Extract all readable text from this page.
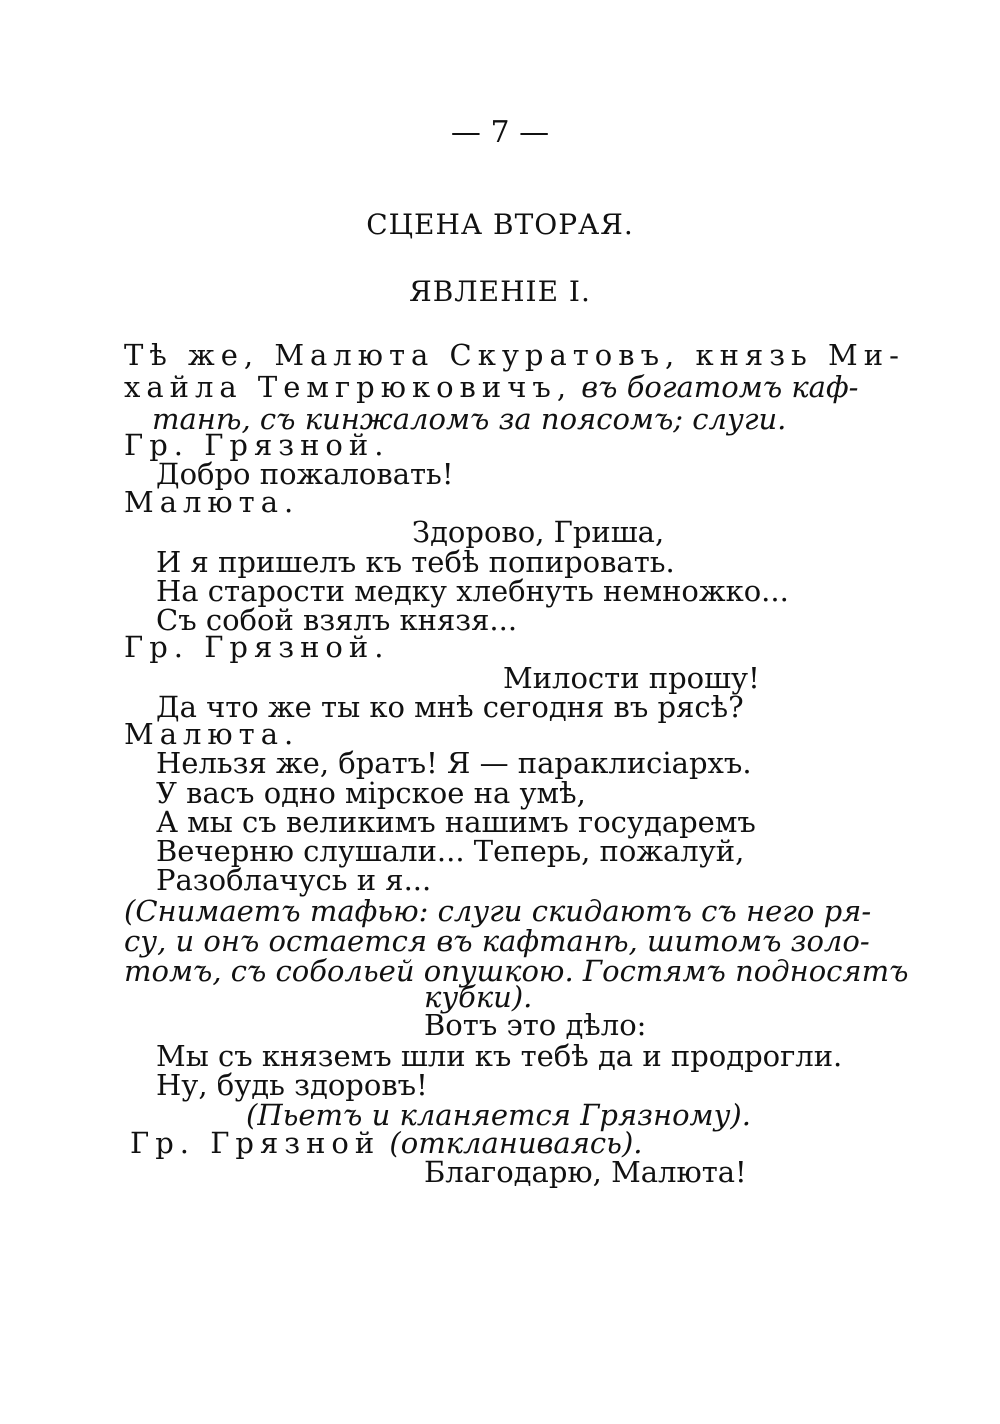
— 7 —
СЦЕНА ВТОРАЯ.
ЯВЛЕНІЕ I.
Тѣ же, Малюта Скуратовъ, князь Ми-
хайла Темгрюковичъ, въ богатомъ каф-
танѣ, съ кинжаломъ за поясомъ; слуги.
Гр. Грязной.
Добро пожаловать!
Малюта.
Здорово, Гриша,
И я пришелъ къ тебѣ попировать.
На старости медку хлебнуть немножко...
Съ собой взялъ князя...
Гр. Грязной.
Милости прошу!
Да что же ты ко мнѣ сегодня въ рясѣ?
Малюта.
Нельзя же, братъ! Я — параклисіархъ.
У васъ одно мірское на умѣ,
А мы съ великимъ нашимъ государемъ
Вечерню слушали... Теперь, пожалуй,
Разоблачусь и я...
(Снимаетъ тафью: слуги скидаютъ съ него ря-
су, и онъ остается въ кафтанѣ, шитомъ золо-
томъ, съ собольей опушкою. Гостямъ подносятъ
кубки).
Вотъ это дѣло:
Мы съ княземъ шли къ тебѣ да и продрогли.
Ну, будь здоровъ!
(Пьетъ и кланяется Грязному).
Гр. Грязной (откланиваясь).
Благодарю, Малюта!
